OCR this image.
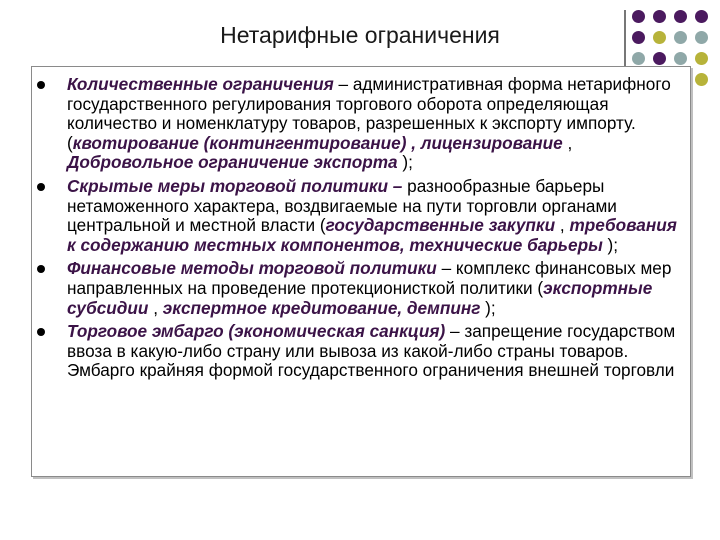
Нетарифные ограничения
Количественные ограничения – административная форма нетарифного государственного регулирования торгового оборота определяющая количество и номенклатуру товаров, разрешенных к экспорту импорту. (квотирование (контингентирование) , лицензирование , Добровольное ограничение экспорта );
Скрытые меры торговой политики – разнообразные барьеры нетаможенного характера, воздвигаемые на пути торговли органами центральной и местной власти (государственные закупки , требования к содержанию местных компонентов, технические барьеры );
Финансовые методы торговой политики – комплекс финансовых мер направленных на проведение протекционисткой политики (экспортные субсидии , экспертное кредитование, демпинг );
Торговое эмбарго (экономическая санкция) – запрещение государством ввоза в какую-либо страну или вывоза из какой-либо страны товаров. Эмбарго крайняя формой государственного ограничения внешней торговли
